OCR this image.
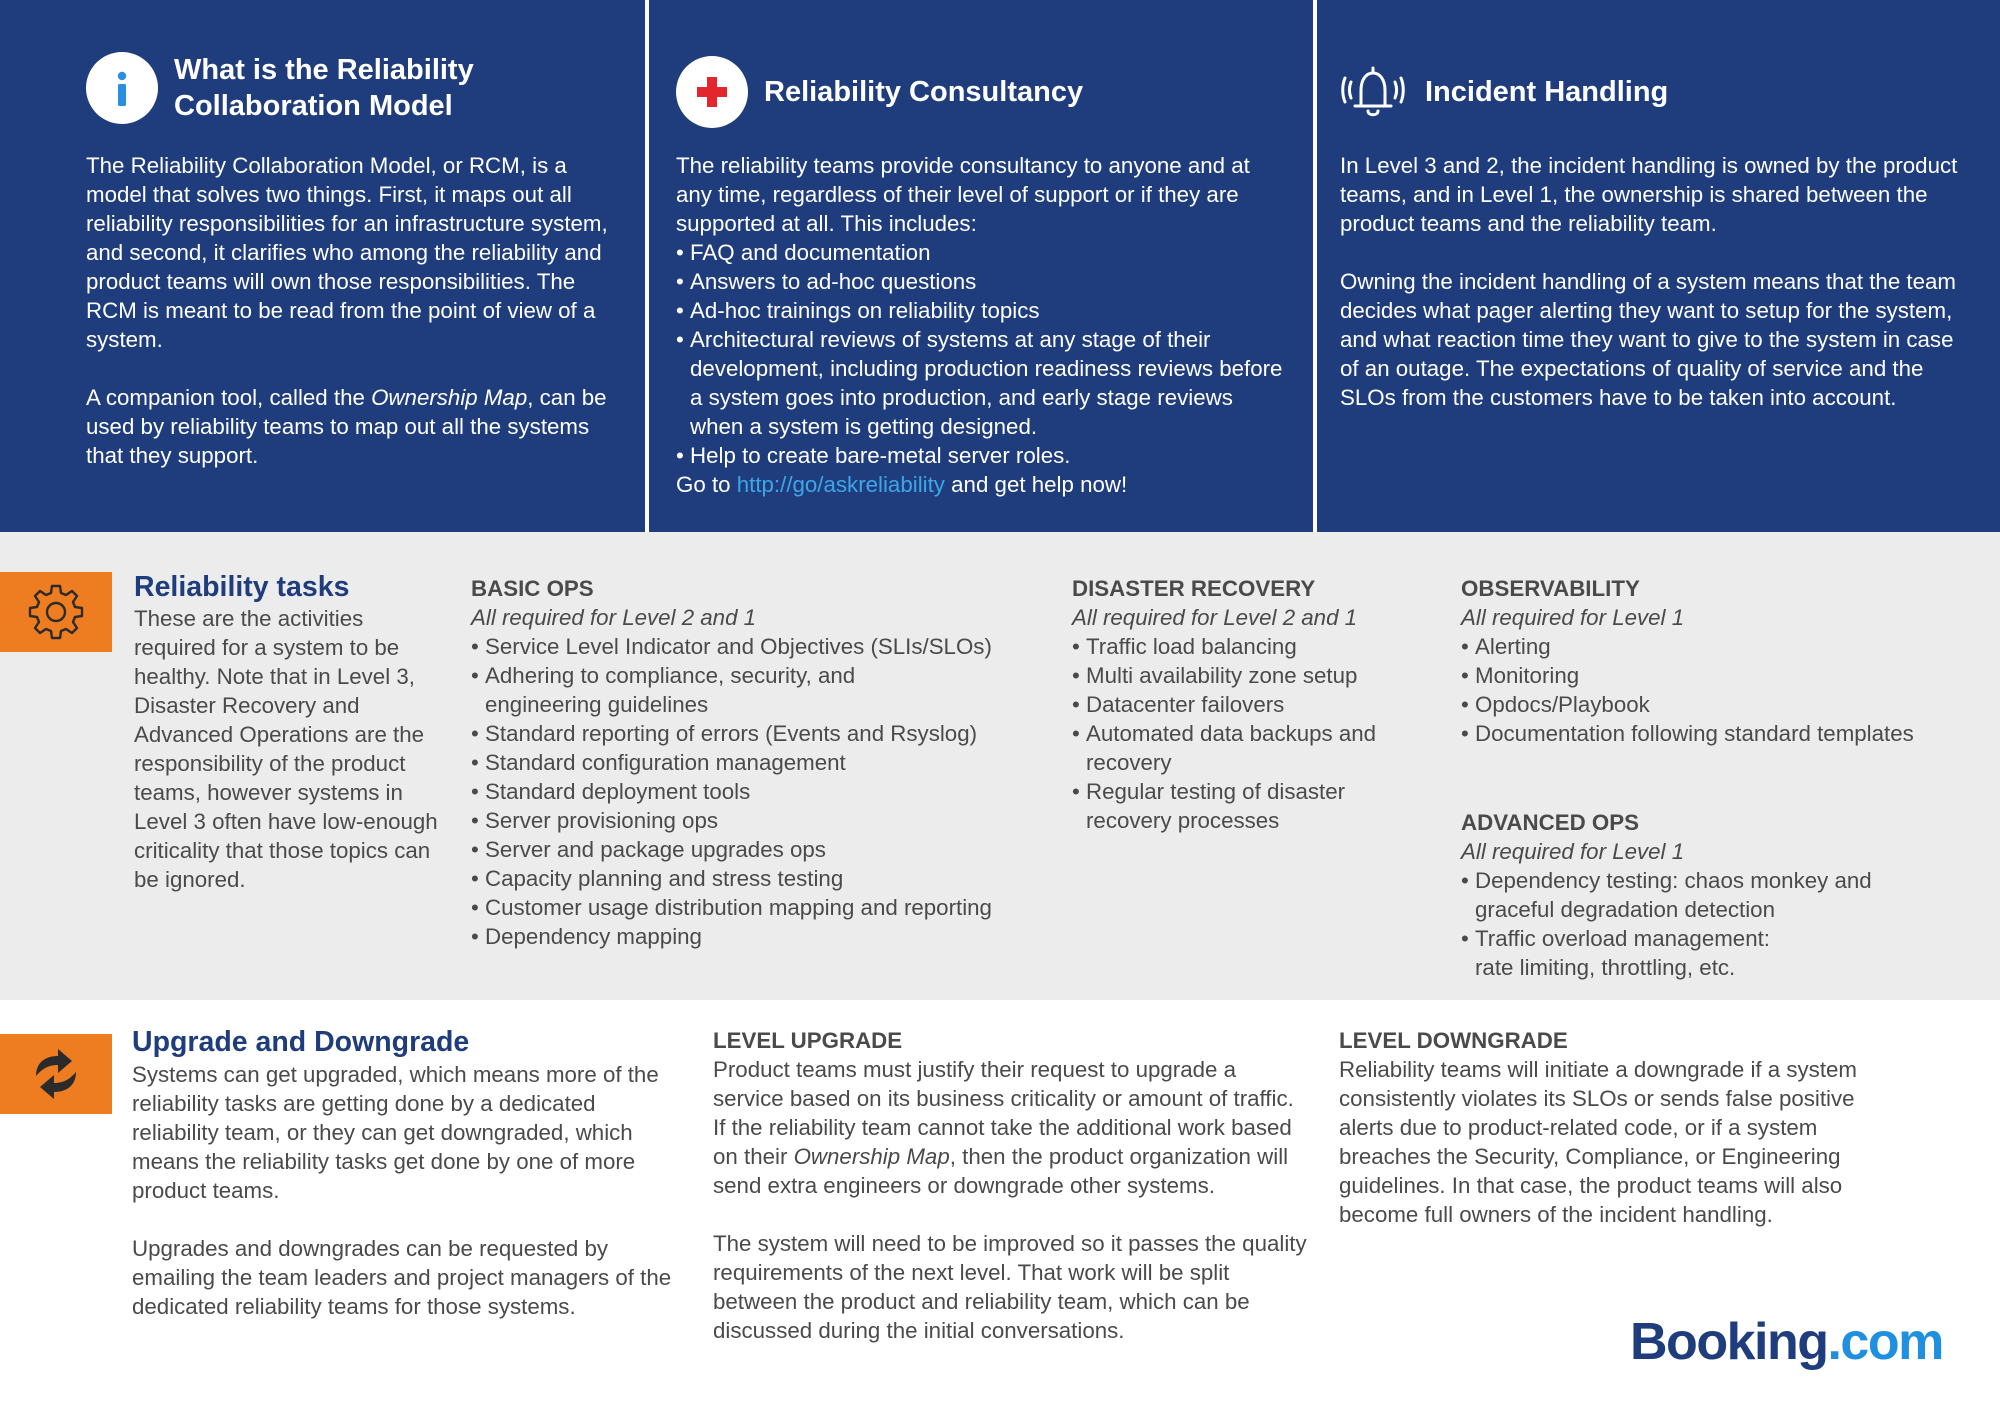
What is the Reliability
Collaboration Model

The Reliability Collaboration Model, or RCM, is a model that solves two things. First, it maps out all reliability responsibilities for an infrastructure system, and second, it clarifies who among the reliability and product teams will own those responsibilities. The RCM is meant to be read from the point of view of a system.

A companion tool, called the Ownership Map, can be used by reliability teams to map out all the systems that they support.

Reliability Consultancy

The reliability teams provide consultancy to anyone and at any time, regardless of their level of support or if they are supported at all. This includes:

• FAQ and documentation
• Answers to ad-hoc questions
• Ad-hoc trainings on reliability topics
• Architectural reviews of systems at any stage of their development, including production readiness reviews before a system goes into production, and early stage reviews when a system is getting designed.
• Help to create bare-metal server roles.

Go to http://go/askreliability and get help now!

Incident Handling

In Level 3 and 2, the incident handling is owned by the product teams, and in Level 1, the ownership is shared between the product teams and the reliability team.

Owning the incident handling of a system means that the team decides what pager alerting they want to setup for the system, and what reaction time they want to give to the system in case of an outage. The expectations of quality of service and the SLOs from the customers have to be taken into account.

Reliability tasks

These are the activities required for a system to be healthy. Note that in Level 3, Disaster Recovery and Advanced Operations are the responsibility of the product teams, however systems in Level 3 often have low-enough criticality that those topics can be ignored.

BASIC OPS
All required for Level 2 and 1
• Service Level Indicator and Objectives (SLIs/SLOs)
• Adhering to compliance, security, and engineering guidelines
• Standard reporting of errors (Events and Rsyslog)
• Standard configuration management
• Standard deployment tools
• Server provisioning ops
• Server and package upgrades ops
• Capacity planning and stress testing
• Customer usage distribution mapping and reporting
• Dependency mapping
DISASTER RECOVERY
All required for Level 2 and 1
• Traffic load balancing
• Multi availability zone setup
• Datacenter failovers
• Automated data backups and recovery
• Regular testing of disaster recovery processes
OBSERVABILITY
All required for Level 1
• Alerting
• Monitoring
• Opdocs/Playbook
• Documentation following standard templates
ADVANCED OPS
All required for Level 1
• Dependency testing: chaos monkey and graceful degradation detection
• Traffic overload management: rate limiting, throttling, etc.
Upgrade and Downgrade

Systems can get upgraded, which means more of the reliability tasks are getting done by a dedicated reliability team, or they can get downgraded, which means the reliability tasks get done by one of more product teams.

Upgrades and downgrades can be requested by emailing the team leaders and project managers of the dedicated reliability teams for those systems.

LEVEL UPGRADE

Product teams must justify their request to upgrade a service based on its business criticality or amount of traffic. If the reliability team cannot take the additional work based on their Ownership Map, then the product organization will send extra engineers or downgrade other systems.

The system will need to be improved so it passes the quality requirements of the next level. That work will be split between the product and reliability team, which can be discussed during the initial conversations.

LEVEL DOWNGRADE

Reliability teams will initiate a downgrade if a system consistently violates its SLOs or sends false positive alerts due to product-related code, or if a system breaches the Security, Compliance, or Engineering guidelines. In that case, the product teams will also become full owners of the incident handling.

Booking.com
